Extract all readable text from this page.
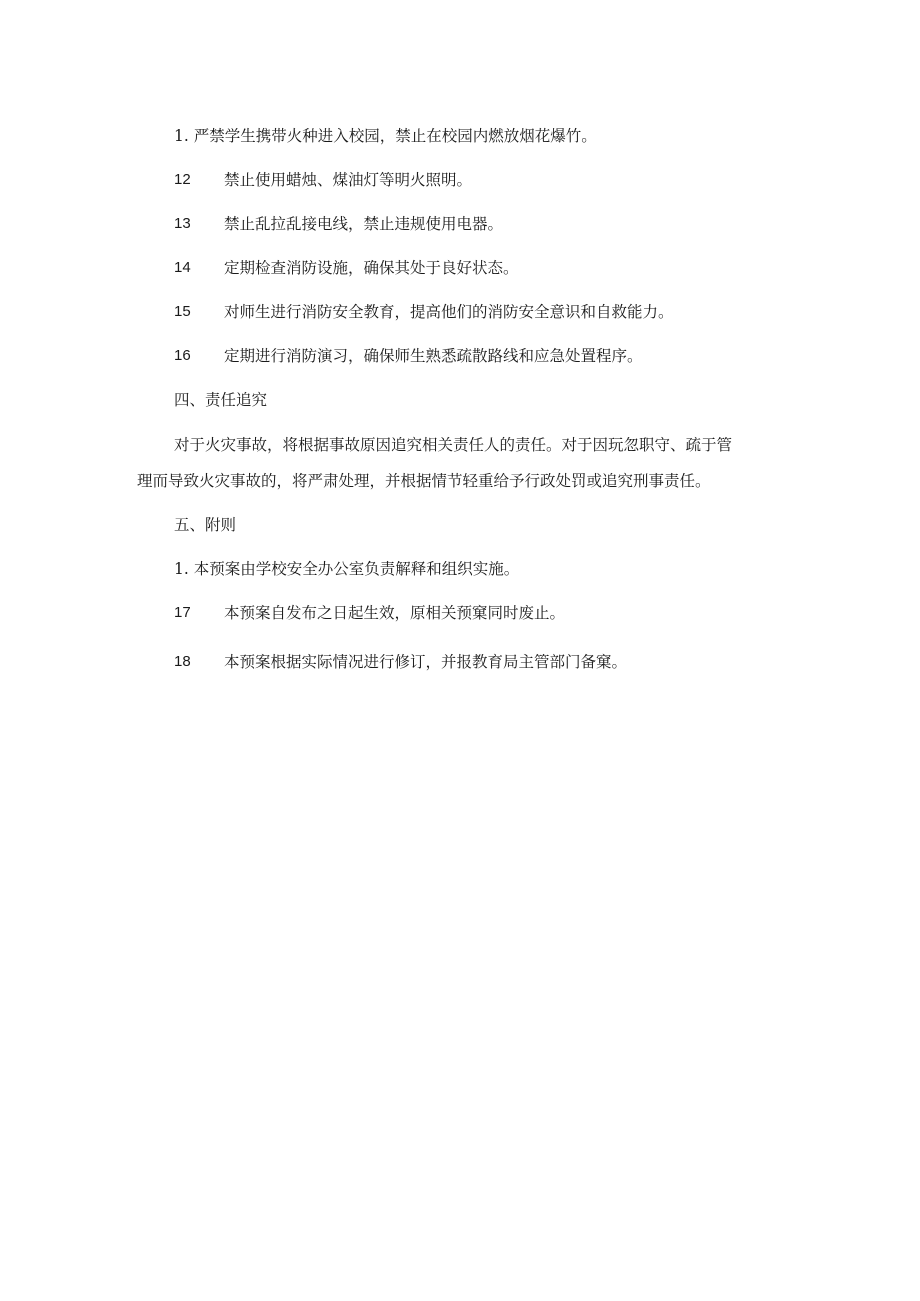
1. 严禁学生携带火种进入校园，禁止在校园内燃放烟花爆竹。
12 禁止使用蜡烛、煤油灯等明火照明。
13 禁止乱拉乱接电线，禁止违规使用电器。
14 定期检查消防设施，确保其处于良好状态。
15 对师生进行消防安全教育，提高他们的消防安全意识和自救能力。
16 定期进行消防演习，确保师生熟悉疏散路线和应急处置程序。
四、责任追究
对于火灾事故，将根据事故原因追究相关责任人的责任。对于因玩忽职守、疏于管
理而导致火灾事故的，将严肃处理，并根据情节轻重给予行政处罚或追究刑事责任。
五、附则
1. 本预案由学校安全办公室负责解释和组织实施。
17 本预案自发布之日起生效，原相关预窠同时废止。
18 本预案根据实际情况进行修订，并报教育局主管部门备窠。
